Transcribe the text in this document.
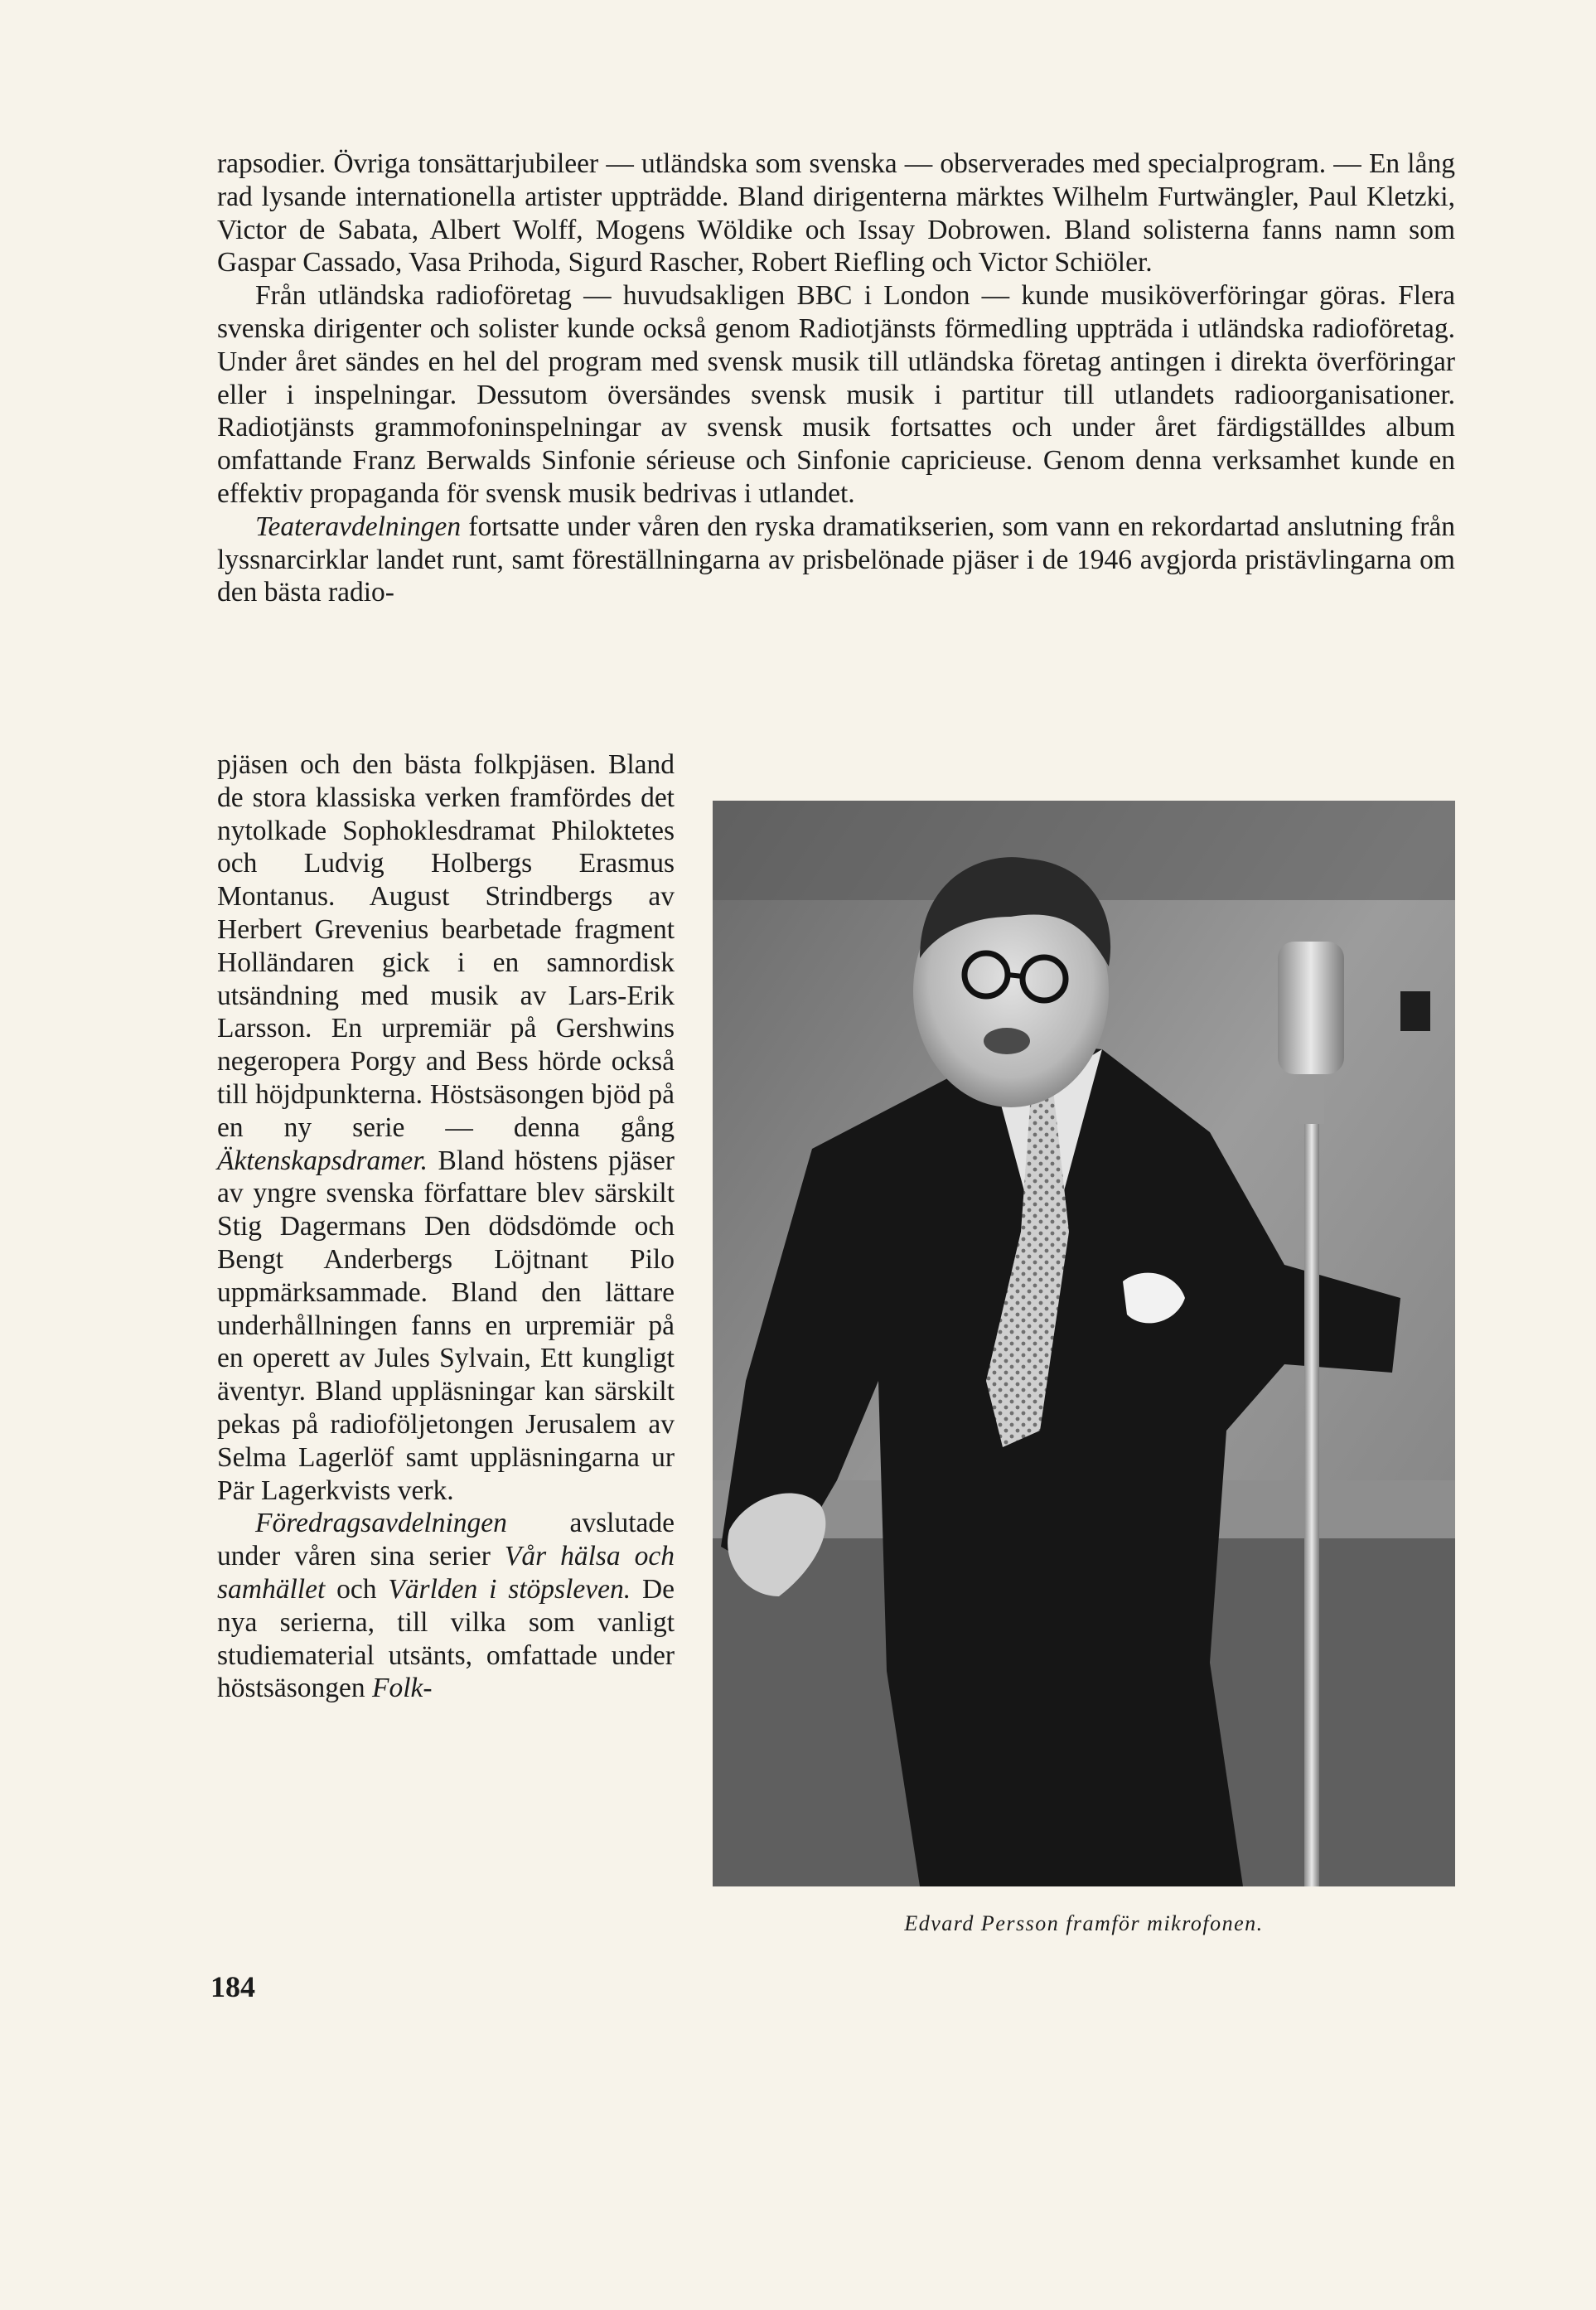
rapsodier. Övriga tonsättarjubileer — utländska som svenska — observerades med specialprogram. — En lång rad lysande internationella artister uppträdde. Bland dirigenterna märktes Wilhelm Furtwängler, Paul Kletzki, Victor de Sabata, Albert Wolff, Mogens Wöldike och Issay Dobrowen. Bland solisterna fanns namn som Gaspar Cassado, Vasa Prihoda, Sigurd Rascher, Robert Riefling och Victor Schiöler.

Från utländska radioföretag — huvudsakligen BBC i London — kunde musiköverföringar göras. Flera svenska dirigenter och solister kunde också genom Radiotjänsts förmedling uppträda i utländska radioföretag. Under året sändes en hel del program med svensk musik till utländska företag antingen i direkta överföringar eller i inspelningar. Dessutom översändes svensk musik i partitur till utlandets radioorganisationer. Radiotjänsts grammofoninspelningar av svensk musik fortsattes och under året färdigställdes album omfattande Franz Berwalds Sinfonie sérieuse och Sinfonie capricieuse. Genom denna verksamhet kunde en effektiv propaganda för svensk musik bedrivas i utlandet.

Teateravdelningen fortsatte under våren den ryska dramatikserien, som vann en rekordartad anslutning från lyssnarcirklar landet runt, samt föreställningarna av prisbelönade pjäser i de 1946 avgjorda pristävlingarna om den bästa radio-

pjäsen och den bästa folkpjäsen. Bland de stora klassiska verken framfördes det nytolkade Sophoklesdramat Philoktetes och Ludvig Holbergs Erasmus Montanus. August Strindbergs av Herbert Grevenius bearbetade fragment Holländaren gick i en samnordisk utsändning med musik av Lars-Erik Larsson. En urpremiär på Gershwins negeropera Porgy and Bess hörde också till höjdpunkterna. Höstsäsongen bjöd på en ny serie — denna gång Äktenskapsdramer. Bland höstens pjäser av yngre svenska författare blev särskilt Stig Dagermans Den dödsdömde och Bengt Anderbergs Löjtnant Pilo uppmärksammade. Bland den lättare underhållningen fanns en urpremiär på en operett av Jules Sylvain, Ett kungligt äventyr. Bland uppläsningar kan särskilt pekas på radioföljetongen Jerusalem av Selma Lagerlöf samt uppläsningarna ur Pär Lagerkvists verk.

Föredragsavdelningen avslutade under våren sina serier Vår hälsa och samhället och Världen i stöpsleven. De nya serierna, till vilka som vanligt studiematerial utsänts, omfattade under höstsäsongen Folk-

Edvard Persson framför mikrofonen.
184
